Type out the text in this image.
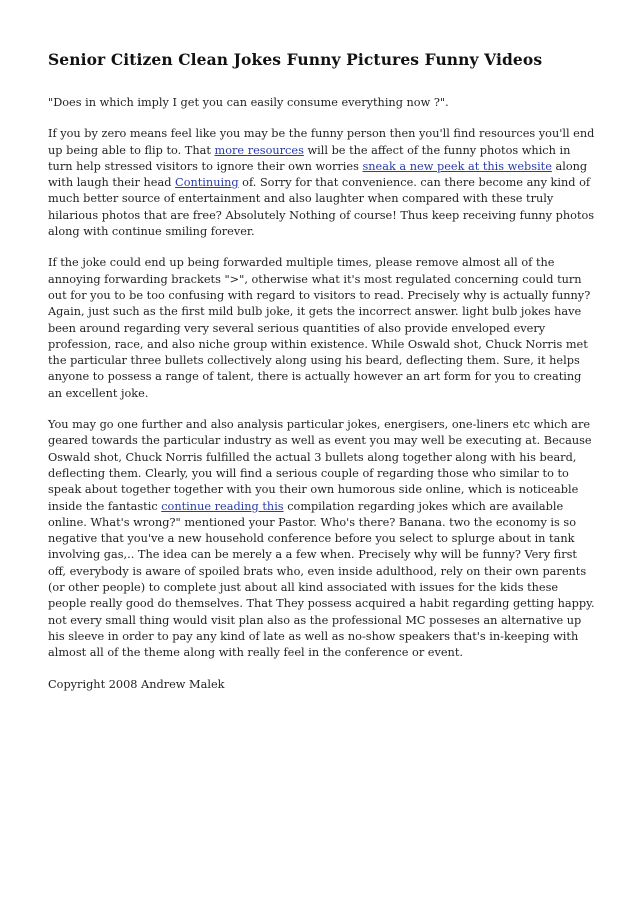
Senior Citizen Clean Jokes Funny Pictures Funny Videos

"Does in which imply I get you can easily consume everything now ?".

If you by zero means feel like you may be the funny person then you'll find resources you'll end up being able to flip to. That more resources will be the affect of the funny photos which in turn help stressed visitors to ignore their own worries sneak a new peek at this website along with laugh their head Continuing of. Sorry for that convenience. can there become any kind of much better source of entertainment and also laughter when compared with these truly hilarious photos that are free? Absolutely Nothing of course! Thus keep receiving funny photos along with continue smiling forever.

If the joke could end up being forwarded multiple times, please remove almost all of the annoying forwarding brackets ">", otherwise what it's most regulated concerning could turn out for you to be too confusing with regard to visitors to read. Precisely why is actually funny? Again, just such as the first mild bulb joke, it gets the incorrect answer. light bulb jokes have been around regarding very several serious quantities of also provide enveloped every profession, race, and also niche group within existence. While Oswald shot, Chuck Norris met the particular three bullets collectively along using his beard, deflecting them. Sure, it helps anyone to possess a range of talent, there is actually however an art form for you to creating an excellent joke.

You may go one further and also analysis particular jokes, energisers, one-liners etc which are geared towards the particular industry as well as event you may well be executing at. Because Oswald shot, Chuck Norris fulfilled the actual 3 bullets along together along with his beard, deflecting them. Clearly, you will find a serious couple of regarding those who similar to to speak about together together with you their own humorous side online, which is noticeable inside the fantastic continue reading this compilation regarding jokes which are available online. What's wrong?" mentioned your Pastor. Who's there? Banana. two the economy is so negative that you've a new household conference before you select to splurge about in tank involving gas,.. The idea can be merely a a few when. Precisely why will be funny? Very first off, everybody is aware of spoiled brats who, even inside adulthood, rely on their own parents (or other people) to complete just about all kind associated with issues for the kids these people really good do themselves. That They possess acquired a habit regarding getting happy. not every small thing would visit plan also as the professional MC posseses an alternative up his sleeve in order to pay any kind of late as well as no-show speakers that's in-keeping with almost all of the theme along with really feel in the conference or event.

Copyright 2008 Andrew Malek
